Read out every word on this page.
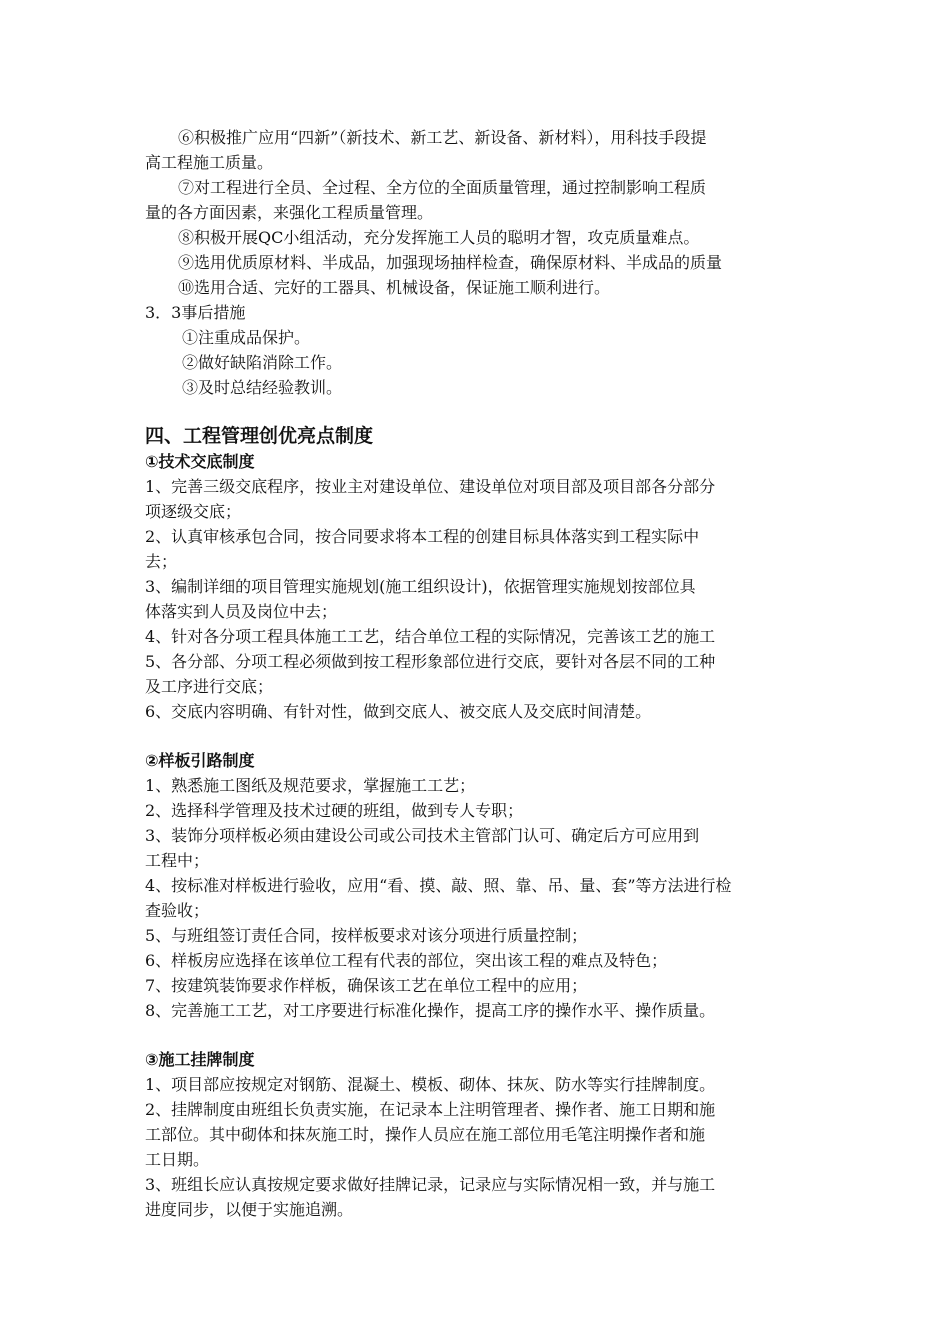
⑥积极推广应用“四新”（新技术、新工艺、新设备、新材料），用科技手段提
高工程施工质量。
⑦对工程进行全员、全过程、全方位的全面质量管理，通过控制影响工程质
量的各方面因素，来强化工程质量管理。
⑧积极开展QC小组活动，充分发挥施工人员的聪明才智，攻克质量难点。
⑨选用优质原材料、半成品，加强现场抽样检查，确保原材料、半成品的质量
⑩选用合适、完好的工器具、机械设备，保证施工顺利进行。
3．3事后措施
①注重成品保护。
②做好缺陷消除工作。
③及时总结经验教训。
四、工程管理创优亮点制度
①技术交底制度
1、完善三级交底程序，按业主对建设单位、建设单位对项目部及项目部各分部分
项逐级交底；
2、认真审核承包合同，按合同要求将本工程的创建目标具体落实到工程实际中
去；
3、编制详细的项目管理实施规划(施工组织设计)，依据管理实施规划按部位具
体落实到人员及岗位中去；
4、针对各分项工程具体施工工艺，结合单位工程的实际情况，完善该工艺的施工
5、各分部、分项工程必须做到按工程形象部位进行交底，要针对各层不同的工种
及工序进行交底；
6、交底内容明确、有针对性，做到交底人、被交底人及交底时间清楚。
②样板引路制度
1、熟悉施工图纸及规范要求，掌握施工工艺；
2、选择科学管理及技术过硬的班组，做到专人专职；
3、装饰分项样板必须由建设公司或公司技术主管部门认可、确定后方可应用到
工程中；
4、按标准对样板进行验收，应用“看、摸、敲、照、靠、吊、量、套”等方法进行检
查验收；
5、与班组签订责任合同，按样板要求对该分项进行质量控制；
6、样板房应选择在该单位工程有代表的部位，突出该工程的难点及特色；
7、按建筑装饰要求作样板，确保该工艺在单位工程中的应用；
8、完善施工工艺，对工序要进行标准化操作，提高工序的操作水平、操作质量。
③施工挂牌制度
1、项目部应按规定对钢筋、混凝土、模板、砌体、抹灰、防水等实行挂牌制度。
2、挂牌制度由班组长负责实施，在记录本上注明管理者、操作者、施工日期和施
工部位。其中砌体和抹灰施工时，操作人员应在施工部位用毛笔注明操作者和施
工日期。
3、班组长应认真按规定要求做好挂牌记录，记录应与实际情况相一致，并与施工
进度同步，以便于实施追溯。
